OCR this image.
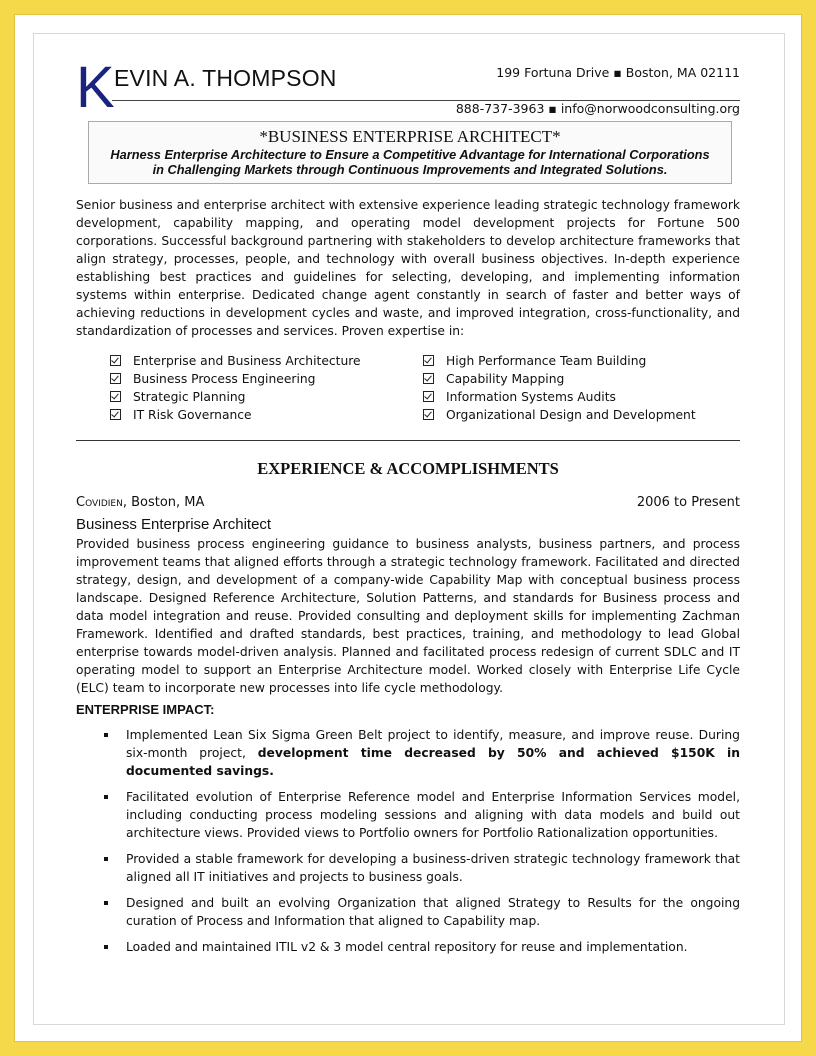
K EVIN A. THOMPSON	199 Fortuna Drive ▪ Boston, MA 02111
888-737-3963 ▪ info@norwoodconsulting.org
*BUSINESS ENTERPRISE ARCHITECT*
Harness Enterprise Architecture to Ensure a Competitive Advantage for International Corporations
in Challenging Markets through Continuous Improvements and Integrated Solutions.
Senior business and enterprise architect with extensive experience leading strategic technology framework development, capability mapping, and operating model development projects for Fortune 500 corporations. Successful background partnering with stakeholders to develop architecture frameworks that align strategy, processes, people, and technology with overall business objectives. In-depth experience establishing best practices and guidelines for selecting, developing, and implementing information systems within enterprise. Dedicated change agent constantly in search of faster and better ways of achieving reductions in development cycles and waste, and improved integration, cross-functionality, and standardization of processes and services. Proven expertise in:
Enterprise and Business Architecture
Business Process Engineering
Strategic Planning
IT Risk Governance
High Performance Team Building
Capability Mapping
Information Systems Audits
Organizational Design and Development
EXPERIENCE & ACCOMPLISHMENTS
Covidien, Boston, MA	2006 to Present
Business Enterprise Architect
Provided business process engineering guidance to business analysts, business partners, and process improvement teams that aligned efforts through a strategic technology framework. Facilitated and directed strategy, design, and development of a company-wide Capability Map with conceptual business process landscape. Designed Reference Architecture, Solution Patterns, and standards for Business process and data model integration and reuse. Provided consulting and deployment skills for implementing Zachman Framework. Identified and drafted standards, best practices, training, and methodology to lead Global enterprise towards model-driven analysis. Planned and facilitated process redesign of current SDLC and IT operating model to support an Enterprise Architecture model. Worked closely with Enterprise Life Cycle (ELC) team to incorporate new processes into life cycle methodology.
ENTERPRISE IMPACT:
Implemented Lean Six Sigma Green Belt project to identify, measure, and improve reuse. During six-month project, development time decreased by 50% and achieved $150K in documented savings.
Facilitated evolution of Enterprise Reference model and Enterprise Information Services model, including conducting process modeling sessions and aligning with data models and build out architecture views. Provided views to Portfolio owners for Portfolio Rationalization opportunities.
Provided a stable framework for developing a business-driven strategic technology framework that aligned all IT initiatives and projects to business goals.
Designed and built an evolving Organization that aligned Strategy to Results for the ongoing curation of Process and Information that aligned to Capability map.
Loaded and maintained ITIL v2 & 3 model central repository for reuse and implementation.
